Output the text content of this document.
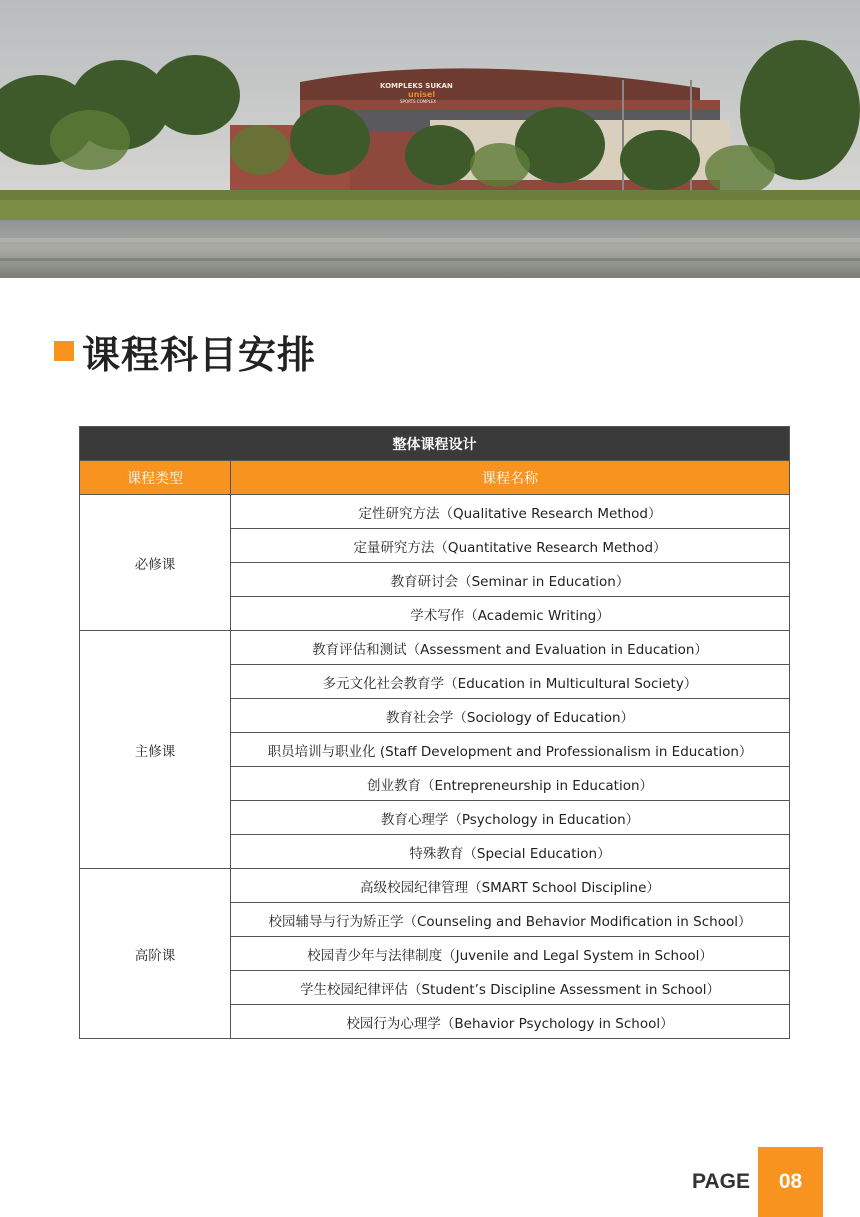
KOMPLEKS SUKAN
unisel
SPORTS COMPLEX
课程科目安排
整体课程设计	
课程类型	课程名称
必修课	定性研究方法（Qualitative Research Method）
	定量研究方法（Quantitative Research Method）
	教育研讨会（Seminar in Education）
	学术写作（Academic Writing）
主修课	教育评估和测试（Assessment and Evaluation in Education）
	多元文化社会教育学（Education in Multicultural Society）
	教育社会学（Sociology of Education）
	职员培训与职业化 (Staff Development and Professionalism in Education）
	创业教育（Entrepreneurship in Education）
	教育心理学（Psychology in Education）
	特殊教育（Special Education）
高阶课	高级校园纪律管理（SMART School Discipline）
	校园辅导与行为矫正学（Counseling and Behavior Modification in School）
	校园青少年与法律制度（Juvenile and Legal System in School）
	学生校园纪律评估（Student’s Discipline Assessment in School）
	校园行为心理学（Behavior Psychology in School）
PAGE 08
